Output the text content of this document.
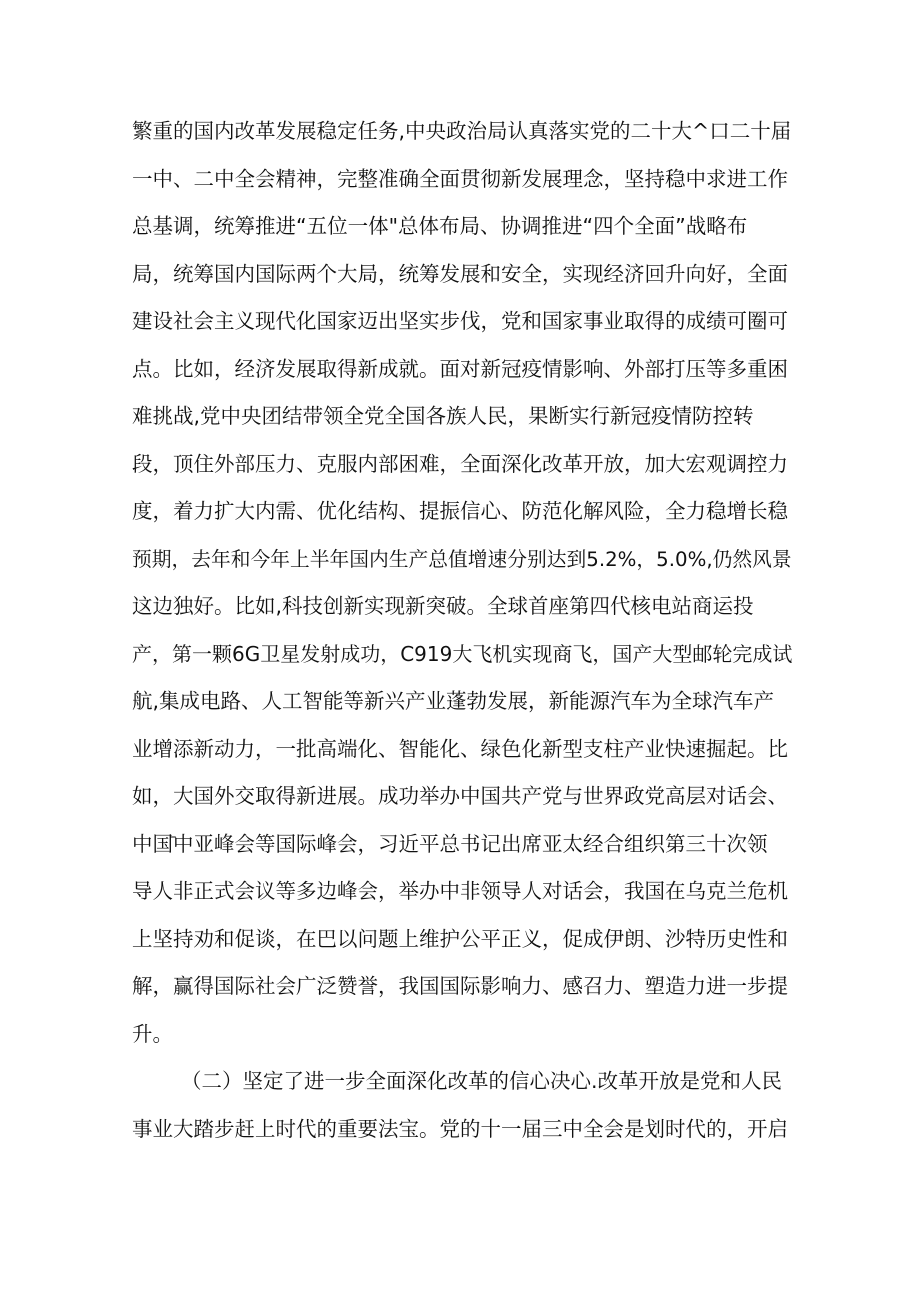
繁重的国内改革发展稳定任务,中央政治局认真落实党的二十大^口二十届
一中、二中全会精神，完整准确全面贯彻新发展理念，坚持稳中求进工作
总基调，统筹推进“五位一体"总体布局、协调推进“四个全面”战略布
局，统筹国内国际两个大局，统筹发展和安全，实现经济回升向好，全面
建设社会主义现代化国家迈出坚实步伐，党和国家事业取得的成绩可圈可
点。比如，经济发展取得新成就。面对新冠疫情影响、外部打压等多重困
难挑战,党中央团结带领全党全国各族人民，果断实行新冠疫情防控转
段，顶住外部压力、克服内部困难，全面深化改革开放，加大宏观调控力
度，着力扩大内需、优化结构、提振信心、防范化解风险，全力稳增长稳
预期，去年和今年上半年国内生产总值增速分别达到5.2%，5.0%,仍然风景
这边独好。比如,科技创新实现新突破。全球首座第四代核电站商运投
产，第一颗6G卫星发射成功，C919大飞机实现商飞，国产大型邮轮完成试
航,集成电路、人工智能等新兴产业蓬勃发展，新能源汽车为全球汽车产
业增添新动力，一批高端化、智能化、绿色化新型支柱产业快速掘起。比
如，大国外交取得新进展。成功举办中国共产党与世界政党高层对话会、
中国̄中亚峰会等国际峰会，习近平总书记出席亚太经合组织第三十次领
导人非正式会议等多边峰会，举办中非领导人对话会，我国在乌克兰危机
上坚持劝和促谈，在巴以问题上维护公平正义，促成伊朗、沙特历史性和
解，赢得国际社会广泛赞誉，我国国际影响力、感召力、塑造力进一步提
升。
（二）坚定了进一步全面深化改革的信心决心.改革开放是党和人民
事业大踏步赶上时代的重要法宝。党的十一届三中全会是划时代的，开启
